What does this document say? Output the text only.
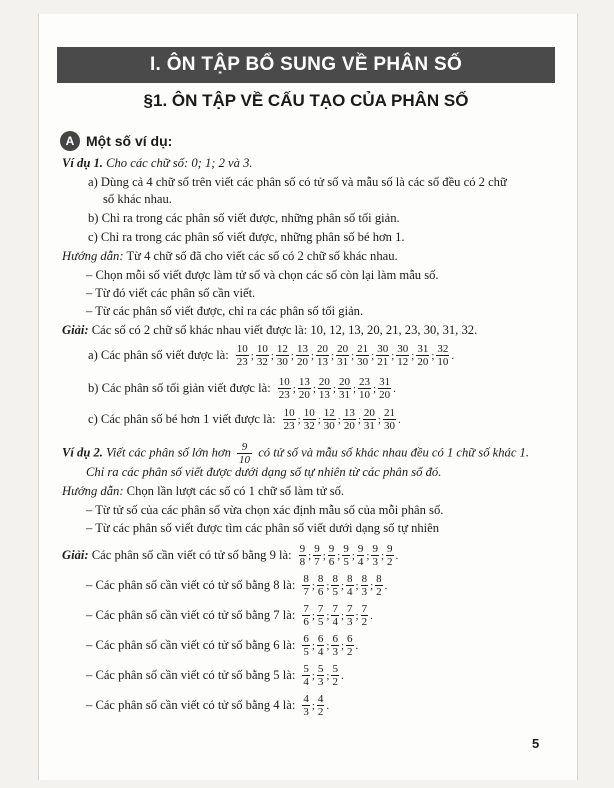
I. ÔN TẬP BỔ SUNG VỀ PHÂN SỐ
§1. ÔN TẬP VỀ CẤU TẠO CỦA PHÂN SỐ
A Một số ví dụ:
Ví dụ 1. Cho các chữ số: 0; 1; 2 và 3.
a) Dùng cả 4 chữ số trên viết các phân số có tử số và mẫu số là các số đều có 2 chữ
số khác nhau.
b) Chỉ ra trong các phân số viết được, những phân số tối giản.
c) Chỉ ra trong các phân số viết được, những phân số bé hơn 1.
Hướng dẫn: Từ 4 chữ số đã cho viết các số có 2 chữ số khác nhau.
– Chọn mỗi số viết được làm tử số và chọn các số còn lại làm mẫu số.
– Từ đó viết các phân số cần viết.
– Từ các phân số viết được, chỉ ra các phân số tối giản.
Giải: Các số có 2 chữ số khác nhau viết được là: 10, 12, 13, 20, 21, 23, 30, 31, 32.
a) Các phân số viết được là: $\frac{10}{23}$ ; $\frac{10}{32}$ ; $\frac{12}{30}$ ; $\frac{13}{20}$ ; $\frac{20}{13}$ ; $\frac{20}{31}$ ; $\frac{21}{30}$ ; $\frac{30}{21}$ ; $\frac{30}{12}$ ; $\frac{31}{20}$ ; $\frac{32}{10}$ .
b) Các phân số tối giản viết được là: $\frac{10}{23}$ ; $\frac{13}{20}$ ; $\frac{20}{13}$ ; $\frac{20}{31}$ ; $\frac{23}{10}$ ; $\frac{31}{20}$ .
c) Các phân số bé hơn 1 viết được là: $\frac{10}{23}$ ; $\frac{10}{32}$ ; $\frac{12}{30}$ ; $\frac{13}{20}$ ; $\frac{20}{31}$ ; $\frac{21}{30}$ .
Ví dụ 2. Viết các phân số lớn hơn $\frac{9}{10}$ có tử số và mẫu số khác nhau đều có 1 chữ số khác 1.
Chỉ ra các phân số viết được dưới dạng số tự nhiên từ các phân số đó.
Hướng dẫn: Chọn lần lượt các số có 1 chữ số làm tử số.
– Từ tử số của các phân số vừa chọn xác định mẫu số của mỗi phân số.
– Từ các phân số viết được tìm các phân số viết dưới dạng số tự nhiên
Giải:
Các phân số cần viết có tử số bằng 9 là: $\frac{9}{8}$ ; $\frac{9}{7}$ ; $\frac{9}{6}$ ; $\frac{9}{5}$ ; $\frac{9}{4}$ ; $\frac{9}{3}$ ; $\frac{9}{2}$ .
– Các phân số cần viết có tử số bằng 8 là: $\frac{8}{7}$ ; $\frac{8}{6}$ ; $\frac{8}{5}$ ; $\frac{8}{4}$ ; $\frac{8}{3}$ ; $\frac{8}{2}$ .
– Các phân số cần viết có tử số bằng 7 là: $\frac{7}{6}$ ; $\frac{7}{5}$ ; $\frac{7}{4}$ ; $\frac{7}{3}$ ; $\frac{7}{2}$ .
– Các phân số cần viết có tử số bằng 6 là: $\frac{6}{5}$ ; $\frac{6}{4}$ ; $\frac{6}{3}$ ; $\frac{6}{2}$ .
– Các phân số cần viết có tử số bằng 5 là: $\frac{5}{4}$ ; $\frac{5}{3}$ ; $\frac{5}{2}$ .
– Các phân số cần viết có tử số bằng 4 là: $\frac{4}{3}$ ; $\frac{4}{2}$ .
5
